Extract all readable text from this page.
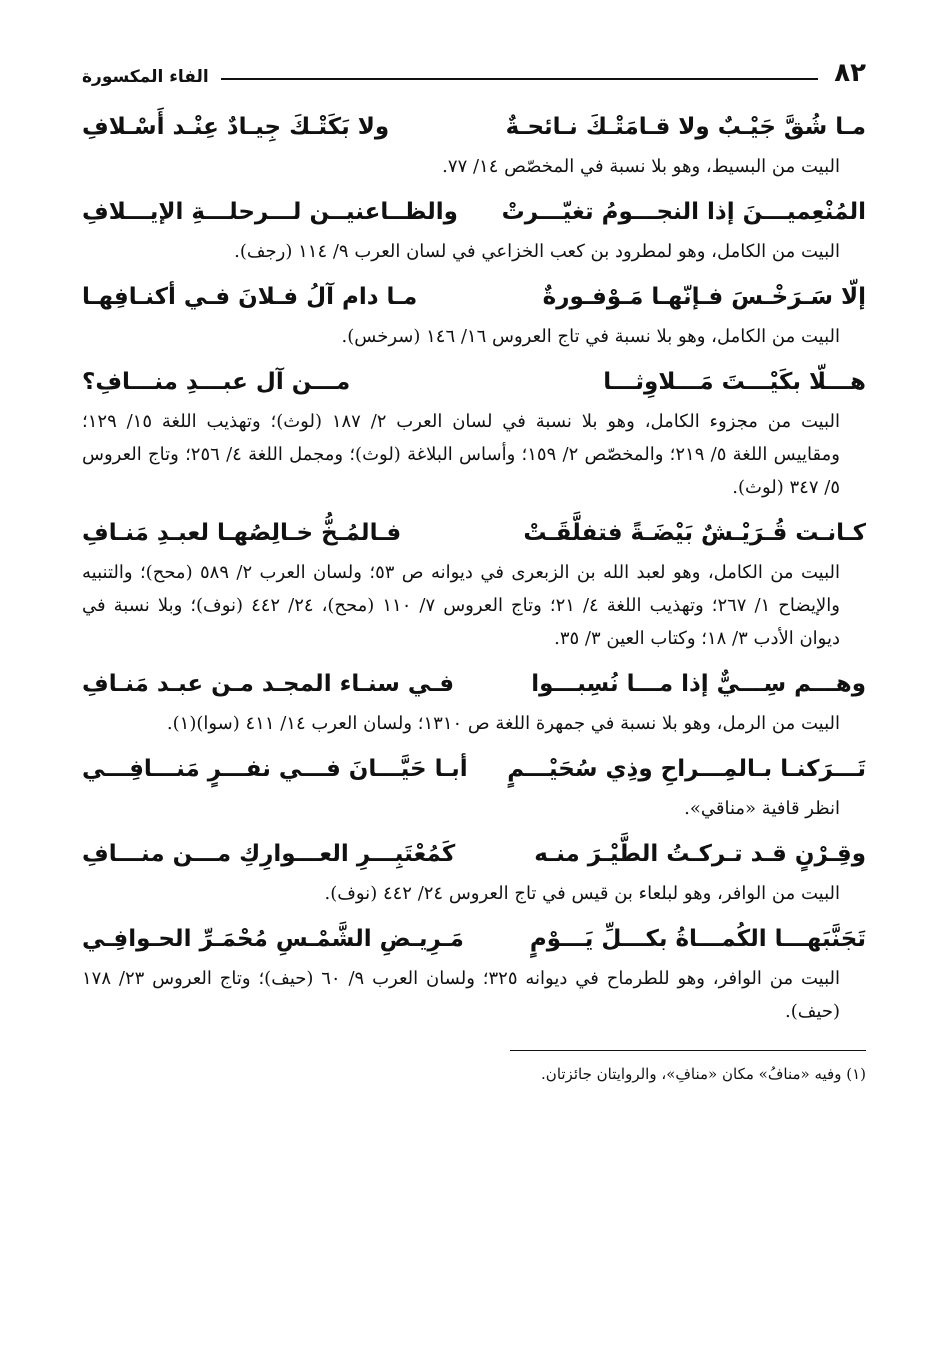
٨٢
الفاء المكسورة
مـا شُقَّ جَيْـبٌ ولا قـامَتْـكَ نـائحـةٌ
ولا بَكَتْـكَ جِيـادٌ عِنْـد أَسْـلافِ

البيت من البسيط، وهو بلا نسبة في المخصّص ١٤/ ٧٧.

المُنْعِميـــنَ إذا النجـــومُ تغيّـــرتْ
والظــاعنيــن لـــرحلـــةِ الإيـــلافِ

البيت من الكامل، وهو لمطرود بن كعب الخزاعي في لسان العرب ٩/ ١١٤ (رجف).

إلّا سَـرَخْـسَ فـإنّهـا مَـوْفـورةٌ
مـا دام آلُ فـلانَ فـي أكنـافِهـا

البيت من الكامل، وهو بلا نسبة في تاج العروس ١٦/ ١٤٦ (سرخس).

هـــلّا بكَيْـــتَ مَـــلاوِثـــا
مـــن آل عبـــدِ منـــافِ؟

البيت من مجزوء الكامل، وهو بلا نسبة في لسان العرب ٢/ ١٨٧ (لوث)؛ وتهذيب اللغة ١٥/ ١٢٩؛ ومقاييس اللغة ٥/ ٢١٩؛ والمخصّص ٢/ ١٥٩؛ وأساس البلاغة (لوث)؛ ومجمل اللغة ٤/ ٢٥٦؛ وتاج العروس ٥/ ٣٤٧ (لوث).

كـانـت قُـرَيْـشٌ بَيْضَـةً فتفلَّقَـتْ
فـالمُـخُّ خـالِصُهـا لعبـدِ مَنـافِ

البيت من الكامل، وهو لعبد الله بن الزبعرى في ديوانه ص ٥٣؛ ولسان العرب ٢/ ٥٨٩ (محح)؛ والتنبيه والإيضاح ١/ ٢٦٧؛ وتهذيب اللغة ٤/ ٢١؛ وتاج العروس ٧/ ١١٠ (محح)، ٢٤/ ٤٤٢ (نوف)؛ وبلا نسبة في ديوان الأدب ٣/ ١٨؛ وكتاب العين ٣/ ٣٥.

وهـــم سِـــيٌّ إذا مـــا نُسِبـــوا
فـي سنـاء المجـد مـن عبـد مَنـافِ

البيت من الرمل، وهو بلا نسبة في جمهرة اللغة ص ١٣١٠؛ ولسان العرب ١٤/ ٤١١ (سوا)(١).

تَـــرَكنـا بـالمِـــراحِ وذِي سُحَيْـــمٍ
أبـا حَيَّـــانَ فـــي نفـــرٍ مَنـــافِـــي

انظر قافية «مناقي».

وقِـرْنٍ قـد تـركـتُ الطَّيْـرَ منـه
كَمُعْتَبِـــرِ العـــوارِكِ مـــن منـــافِ

البيت من الوافر، وهو لبلعاء بن قيس في تاج العروس ٢٤/ ٤٤٢ (نوف).

تَجَنَّبَهـــا الكُمـــاةُ بكـــلِّ يَـــوْمٍ
مَـرِيـضِ الشَّمْـسِ مُحْمَـرِّ الحـوافِـي

البيت من الوافر، وهو للطرماح في ديوانه ٣٢٥؛ ولسان العرب ٩/ ٦٠ (حيف)؛ وتاج العروس ٢٣/ ١٧٨ (حيف).

(١) وفيه «منافُ» مكان «منافِ»، والروايتان جائزتان.
